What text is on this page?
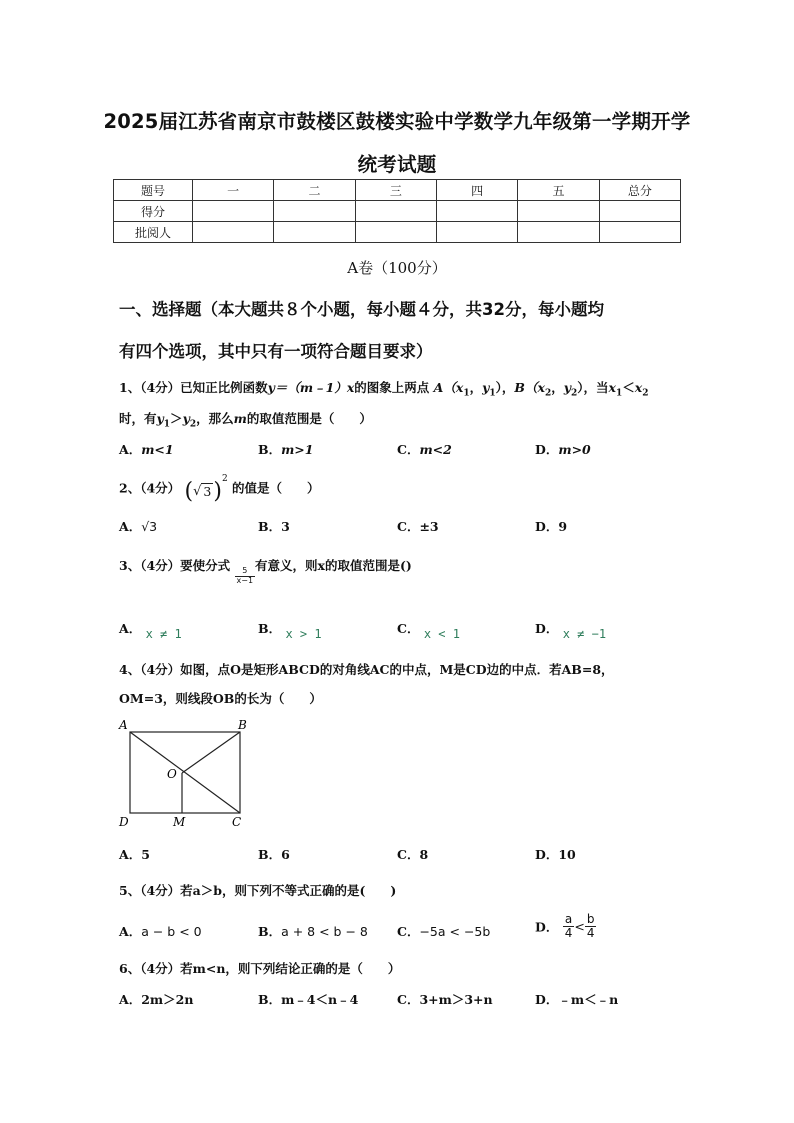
2025届江苏省南京市鼓楼区鼓楼实验中学数学九年级第一学期开学
统考试题
题号	一	二	三	四	五	总分
得分						
批阅人						
A卷（100分）
一、选择题（本大题共８个小题，每小题４分，共32分，每小题均
有四个选项，其中只有一项符合题目要求）
1、（4分）已知正比例函数y＝（m﹣1）x的图象上两点 $A(x_1$，$y_1$），$B(x_2$，$y_2$），当$x_1<x_2$
时，有$y_1>y_2$，那么m的取值范围是（　　）
A．m<1	B．m>1	C．m<2	D．m>0
2、（4分） (√ 3)$^2$ 的值是（　　）
A．√3	B．3	C．±3	D．9
3、（4分）要使分式
$\frac{5}{x-1}$
有意义，则x的取值范围是()
A． x ≠ 1	B． x > 1	C． x < 1	D． x ≠ −1
4、（4分）如图，点O是矩形ABCD的对角线AC的中点，M是CD边的中点．若AB=8，
OM=3，则线段OB的长为（　　）
A	B
O
D	M	C
A．5	B．6	C．8	D．10
5、（4分）若a＞b，则下列不等式正确的是(　　)
A．a − b < 0	B．a + 8 < b − 8 C．−5a < −5b	D． $\frac{a}{4} < \frac{b}{4}$
6、（4分）若m<n，则下列结论正确的是（　　）
A．2m＞2n	B．m﹣4＜n﹣4	C．3+m＞3+n	D．﹣m＜﹣n
